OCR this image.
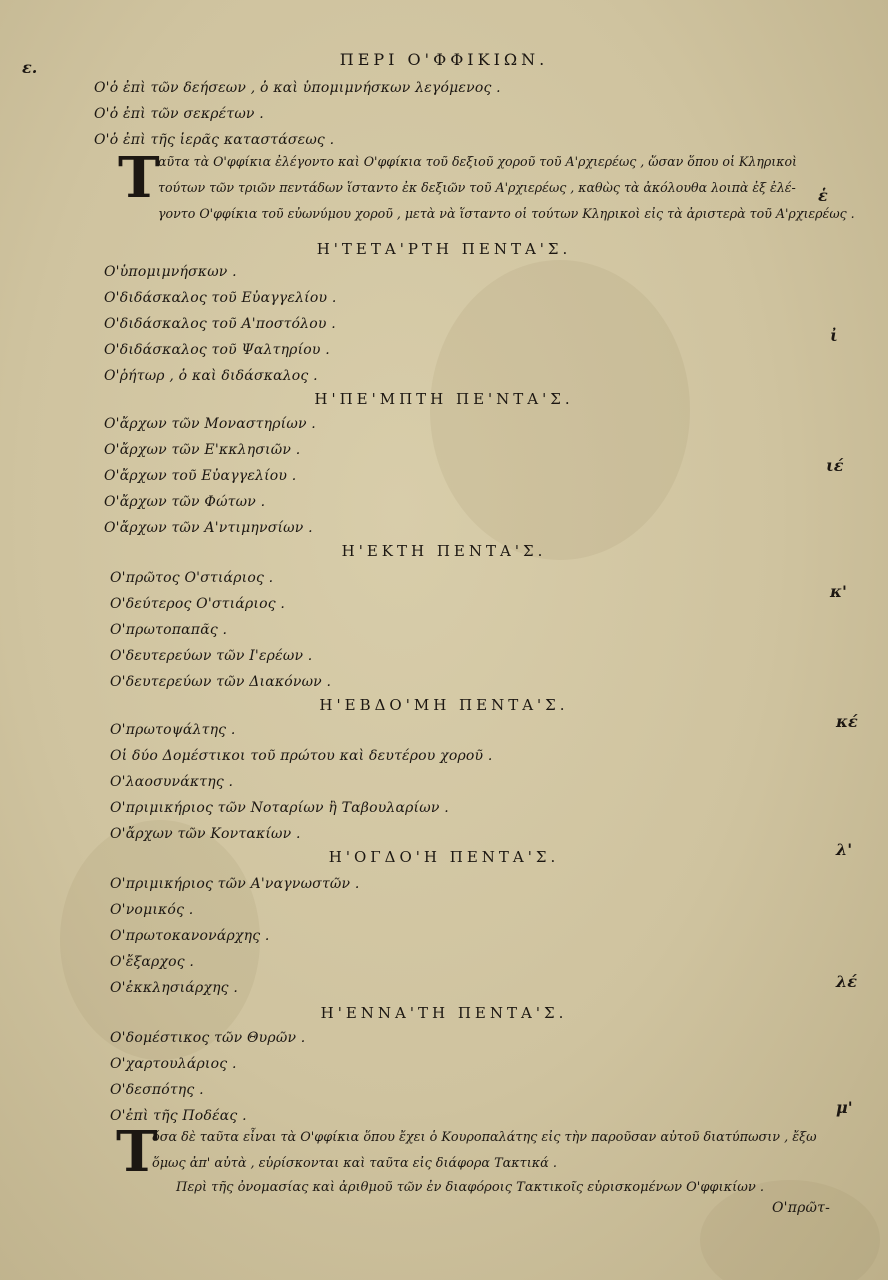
ε.	ΠΕΡΙ Ο'ΦΦΙΚΙΩΝ.
Ο'ὁ ἐπὶ τῶν δεήσεων , ὁ καὶ ὑπομιμνήσκων λεγόμενος .
Ο'ὁ ἐπὶ τῶν σεκρέτων .
Ο'ὁ ἐπὶ τῆς ἱερᾶς καταστάσεως .
T
αῦτα τὰ Ο'φφίκια ἐλέγοντο καὶ Ο'φφίκια τοῦ δεξιοῦ χοροῦ τοῦ Α'ρχιερέως , ὥσαν ὅπου οἱ Κληρικοὶ
τούτων τῶν τριῶν πεντάδων ἵσταντο ἐκ δεξιῶν τοῦ Α'ρχιερέως , καθὼς τὰ ἀκόλουθα λοιπὰ ἐξ ἐλέ-
γοντο Ο'φφίκια τοῦ εὐωνύμου χοροῦ , μετὰ νὰ ἵσταντο οἱ τούτων Κληρικοὶ εἰς τὰ ἀριστερὰ τοῦ Α'ρχιερέως .
Η'ΤΕΤΑ'ΡΤΗ ΠΕΝΤΑ'Σ.
Ο'ὑπομιμνήσκων .
Ο'διδάσκαλος τοῦ Εὐαγγελίου .
Ο'διδάσκαλος τοῦ Α'ποστόλου .
Ο'διδάσκαλος τοῦ Ψαλτηρίου .
Ο'ῥήτωρ , ὁ καὶ διδάσκαλος .
Η'ΠΕ'ΜΠΤΗ ΠΕ'ΝΤΑ'Σ.
Ο'ἄρχων τῶν Μοναστηρίων .
Ο'ἄρχων τῶν Ε'κκλησιῶν .
Ο'ἄρχων τοῦ Εὐαγγελίου .
Ο'ἄρχων τῶν Φώτων .
Ο'ἄρχων τῶν Α'ντιμηνσίων .
Η'ΕΚΤΗ ΠΕΝΤΑ'Σ.
Ο'πρῶτος Ο'στιάριος .
Ο'δεύτερος Ο'στιάριος .
Ο'πρωτοπαπᾶς .
Ο'δευτερεύων τῶν Ι'ερέων .
Ο'δευτερεύων τῶν Διακόνων .
Η'ΕΒΔΟ'ΜΗ ΠΕΝΤΑ'Σ.
Ο'πρωτοψάλτης .
Οἱ δύο Δομέστικοι τοῦ πρώτου καὶ δευτέρου χοροῦ .
Ο'λαοσυνάκτης .
Ο'πριμικήριος τῶν Νοταρίων ἢ Ταβουλαρίων .
Ο'ἄρχων τῶν Κοντακίων .
Η'ΟΓΔΟ'Η ΠΕΝΤΑ'Σ.
Ο'πριμικήριος τῶν Α'ναγνωστῶν .
Ο'νομικός .
Ο'πρωτοκανονάρχης .
Ο'ἔξαρχος .
Ο'ἐκκλησιάρχης .
Η'ΕΝΝΑ'ΤΗ ΠΕΝΤΑ'Σ.
Ο'δομέστικος τῶν Θυρῶν .
Ο'χαρτουλάριος .
Ο'δεσπότης .
Ο'ἐπὶ τῆς Ποδέας .
T
όσα δὲ ταῦτα εἶναι τὰ Ο'φφίκια ὅπου ἔχει ὁ Κουροπαλάτης εἰς τὴν παροῦσαν αὐτοῦ διατύπωσιν , ἔξω
ὅμως ἀπ' αὐτὰ , εὑρίσκονται καὶ ταῦτα εἰς διάφορα Τακτικά .
Περὶ τῆς ὀνομασίας καὶ ἀριθμοῦ τῶν ἐν διαφόροις Τακτικοῖς εὑρισκομένων Ο'φφικίων .
Ο'πρῶτ-
ἑ
ἰ
ιέ
κ'
κέ
λ'
λέ
μ'
